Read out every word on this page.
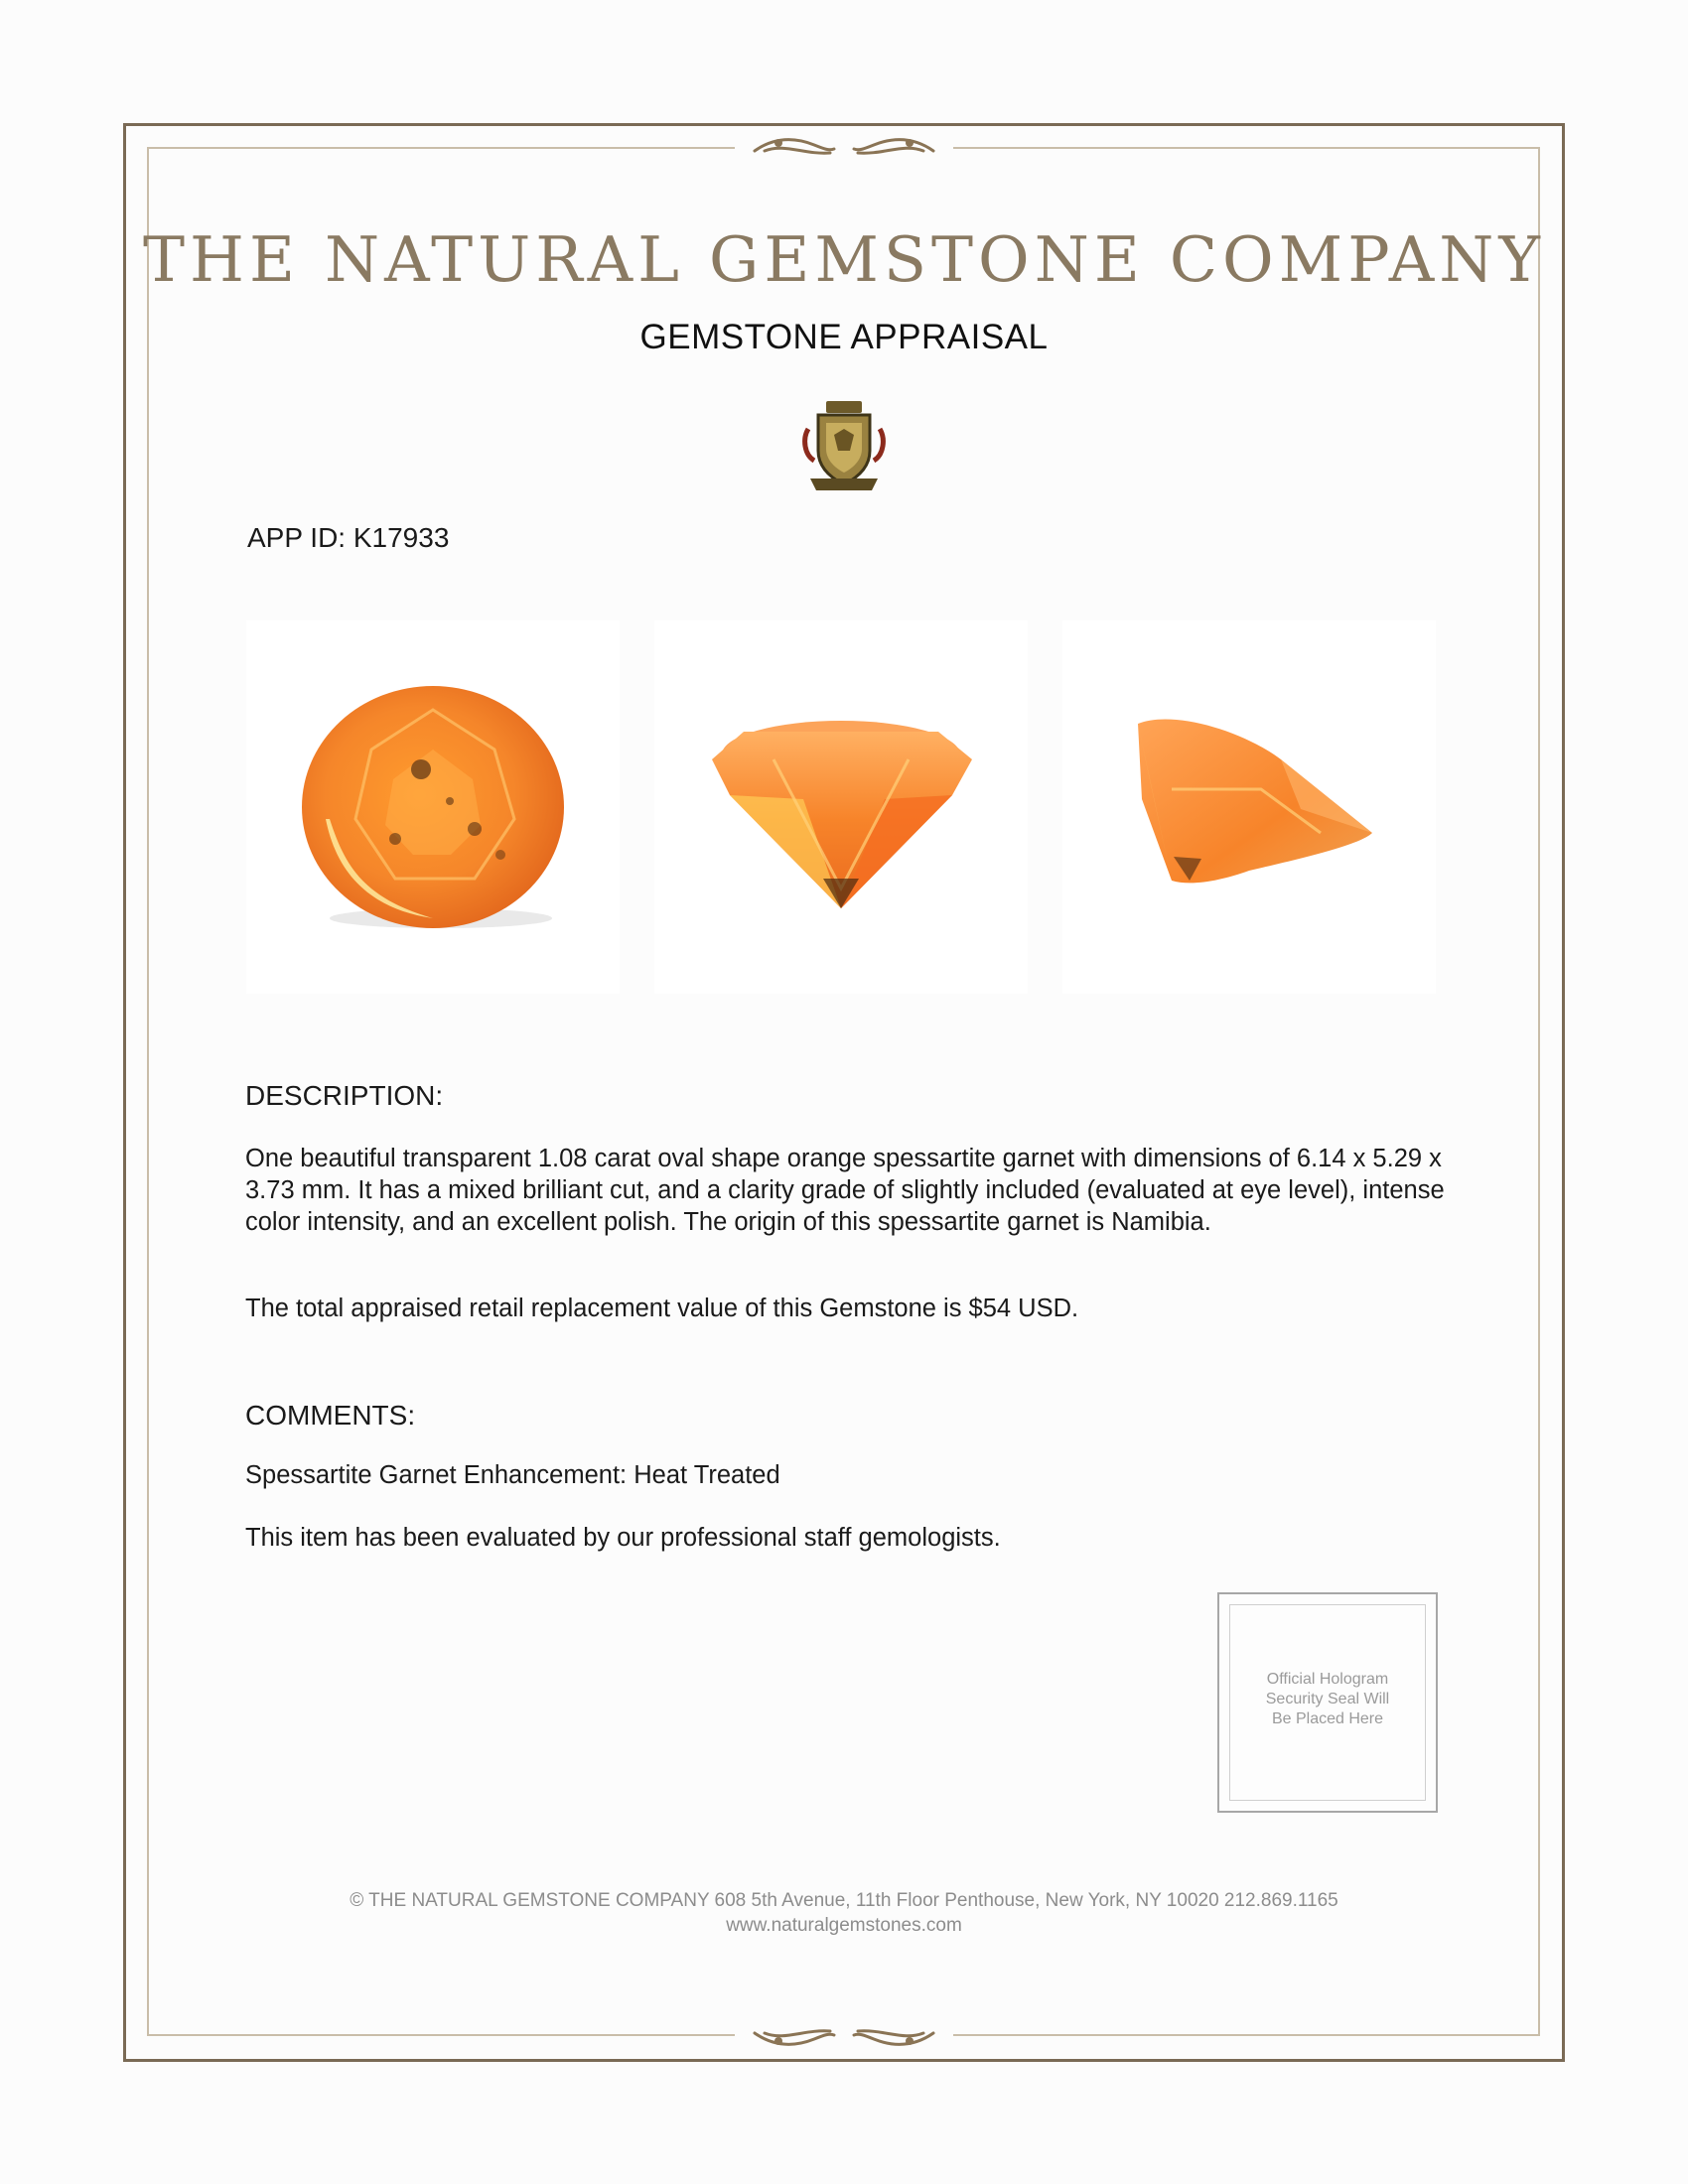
THE NATURAL GEMSTONE COMPANY
GEMSTONE APPRAISAL
APP ID: K17933
DESCRIPTION:
One beautiful transparent 1.08 carat oval shape orange spessartite garnet with dimensions of 6.14 x 5.29 x 3.73 mm. It has a mixed brilliant cut, and a clarity grade of slightly included (evaluated at eye level), intense color intensity, and an excellent polish. The origin of this spessartite garnet is Namibia.
The total appraised retail replacement value of this Gemstone is $54 USD.
COMMENTS:
Spessartite Garnet Enhancement: Heat Treated
This item has been evaluated by our professional staff gemologists.
Official Hologram
Security Seal Will
Be Placed Here
© THE NATURAL GEMSTONE COMPANY 608 5th Avenue, 11th Floor Penthouse, New York, NY 10020 212.869.1165
www.naturalgemstones.com
